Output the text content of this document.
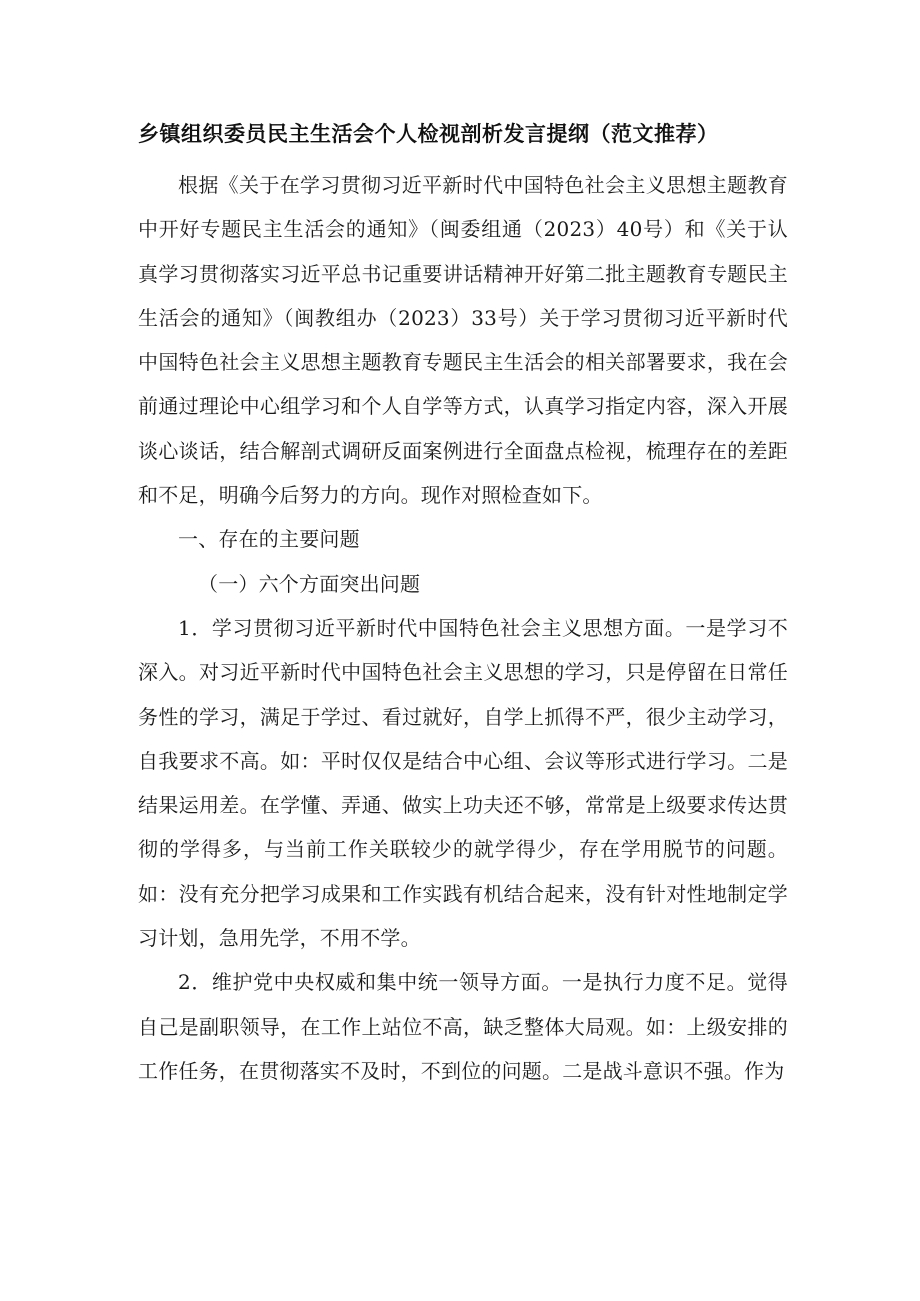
乡镇组织委员民主生活会个人检视剖析发言提纲（范文推荐）

根据《关于在学习贯彻习近平新时代中国特色社会主义思想主题教育中开好专题民主生活会的通知》（闽委组通（2023）40号）和《关于认真学习贯彻落实习近平总书记重要讲话精神开好第二批主题教育专题民主生活会的通知》（闽教组办（2023）33号）关于学习贯彻习近平新时代中国特色社会主义思想主题教育专题民主生活会的相关部署要求，我在会前通过理论中心组学习和个人自学等方式，认真学习指定内容，深入开展谈心谈话，结合解剖式调研反面案例进行全面盘点检视，梳理存在的差距和不足，明确今后努力的方向。现作对照检查如下。

一、存在的主要问题

（一）六个方面突出问题

1．学习贯彻习近平新时代中国特色社会主义思想方面。一是学习不深入。对习近平新时代中国特色社会主义思想的学习，只是停留在日常任务性的学习，满足于学过、看过就好，自学上抓得不严，很少主动学习，自我要求不高。如：平时仅仅是结合中心组、会议等形式进行学习。二是结果运用差。在学懂、弄通、做实上功夫还不够，常常是上级要求传达贯彻的学得多，与当前工作关联较少的就学得少，存在学用脱节的问题。如：没有充分把学习成果和工作实践有机结合起来，没有针对性地制定学习计划，急用先学，不用不学。

2．维护党中央权威和集中统一领导方面。一是执行力度不足。觉得自己是副职领导，在工作上站位不高，缺乏整体大局观。如：上级安排的工作任务，在贯彻落实不及时，不到位的问题。二是战斗意识不强。作为
